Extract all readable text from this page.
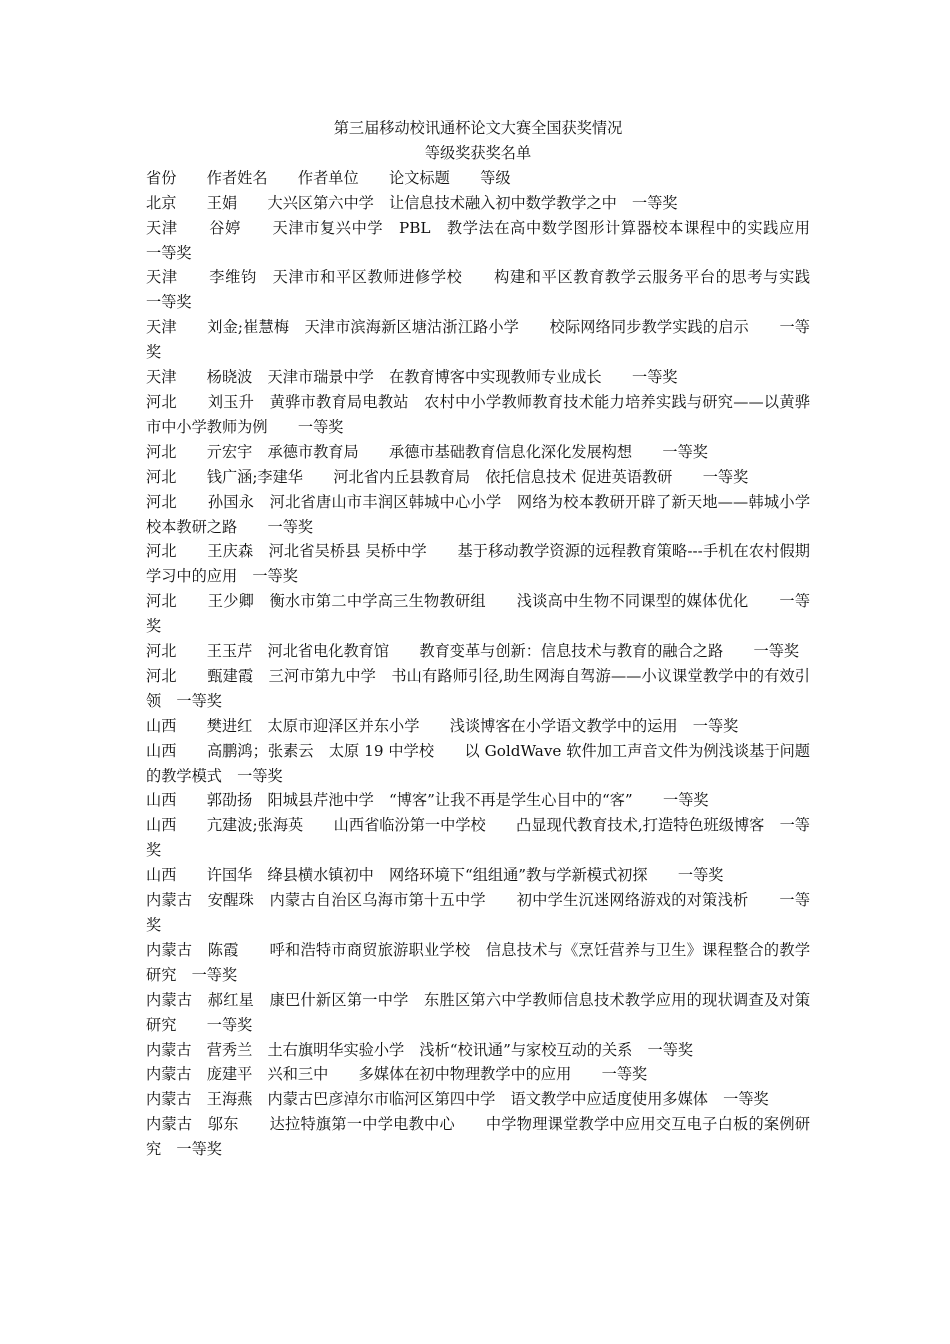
第三届移动校讯通杯论文大赛全国获奖情况
等级奖获奖名单
省份　　作者姓名　　作者单位　　论文标题　　等级
北京　　王娟　　大兴区第六中学　让信息技术融入初中数学教学之中　一等奖
天津　　谷婷　　天津市复兴中学　PBL　教学法在高中数学图形计算器校本课程中的实践应用　　一等奖
天津　　李维钧　天津市和平区教师进修学校　　构建和平区教育教学云服务平台的思考与实践　一等奖
天津　　刘金;崔慧梅　天津市滨海新区塘沽浙江路小学　　校际网络同步教学实践的启示　　一等奖
天津　　杨晓波　天津市瑞景中学　在教育博客中实现教师专业成长　　一等奖
河北　　刘玉升　黄骅市教育局电教站　农村中小学教师教育技术能力培养实践与研究——以黄骅市中小学教师为例　　一等奖
河北　　亓宏宇　承德市教育局　　承德市基础教育信息化深化发展构想　　一等奖
河北　　钱广涵;李建华　　河北省内丘县教育局　依托信息技术 促进英语教研　　一等奖
河北　　孙国永　河北省唐山市丰润区韩城中心小学　网络为校本教研开辟了新天地——韩城小学校本教研之路　　一等奖
河北　　王庆森　河北省吴桥县 吴桥中学　　基于移动教学资源的远程教育策略---手机在农村假期学习中的应用　一等奖
河北　　王少卿　衡水市第二中学高三生物教研组　　浅谈高中生物不同课型的媒体优化　　一等奖
河北　　王玉芹　河北省电化教育馆　　教育变革与创新：信息技术与教育的融合之路　　一等奖
河北　　甄建霞　三河市第九中学　书山有路师引径,助生网海自驾游——小议课堂教学中的有效引领　一等奖
山西　　樊进红　太原市迎泽区并东小学　　浅谈博客在小学语文教学中的运用　一等奖
山西　　高鹏鸿；张素云　太原 19 中学校　　以 GoldWave 软件加工声音文件为例浅谈基于问题的教学模式　一等奖
山西　　郭劭扬　阳城县芹池中学　“博客”让我不再是学生心目中的“客”　　一等奖
山西　　亢建波;张海英　　山西省临汾第一中学校　　凸显现代教育技术,打造特色班级博客　一等奖
山西　　许国华　绛县横水镇初中　网络环境下“组组通”教与学新模式初探　　一等奖
内蒙古　安醒珠　内蒙古自治区乌海市第十五中学　　初中学生沉迷网络游戏的对策浅析　　一等奖
内蒙古　陈霞　　呼和浩特市商贸旅游职业学校　信息技术与《烹饪营养与卫生》课程整合的教学研究　一等奖
内蒙古　郝红星　康巴什新区第一中学　东胜区第六中学教师信息技术教学应用的现状调查及对策研究　　一等奖
内蒙古　营秀兰　土右旗明华实验小学　浅析“校讯通”与家校互动的关系　一等奖
内蒙古　庞建平　兴和三中　　多媒体在初中物理教学中的应用　　一等奖
内蒙古　王海燕　内蒙古巴彦淖尔市临河区第四中学　语文教学中应适度使用多媒体　一等奖
内蒙古　邬东　　达拉特旗第一中学电教中心　　中学物理课堂教学中应用交互电子白板的案例研究　一等奖
